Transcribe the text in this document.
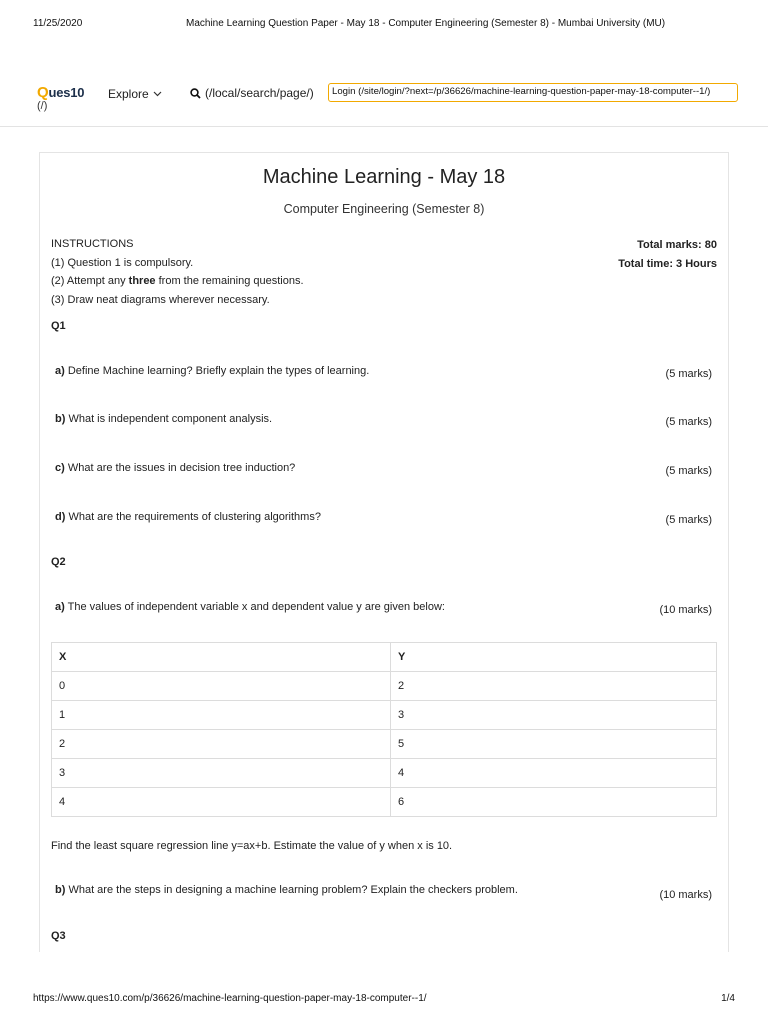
11/25/2020	Machine Learning Question Paper - May 18 - Computer Engineering (Semester 8) - Mumbai University (MU)
Ques10
(/)
Explore	(/local/search/page/)	Login (/site/login/?next=/p/36626/machine-learning-question-paper-may-18-computer--1/)
Machine Learning - May 18
Computer Engineering (Semester 8)
INSTRUCTIONS
(1) Question 1 is compulsory.
(2) Attempt any three from the remaining questions.
(3) Draw neat diagrams wherever necessary.
Total marks: 80
Total time: 3 Hours
Q1
a) Define Machine learning? Briefly explain the types of learning.	(5 marks)
b) What is independent component analysis.	(5 marks)
c) What are the issues in decision tree induction?	(5 marks)
d) What are the requirements of clustering algorithms?	(5 marks)
Q2
a) The values of independent variable x and dependent value y are given below:	(10 marks)
X	Y
0	2
1	3
2	5
3	4
4	6
Find the least square regression line y=ax+b. Estimate the value of y when x is 10.
b) What are the steps in designing a machine learning problem? Explain the checkers problem.	(10 marks)
Q3
https://www.ques10.com/p/36626/machine-learning-question-paper-may-18-computer--1/	1/4
